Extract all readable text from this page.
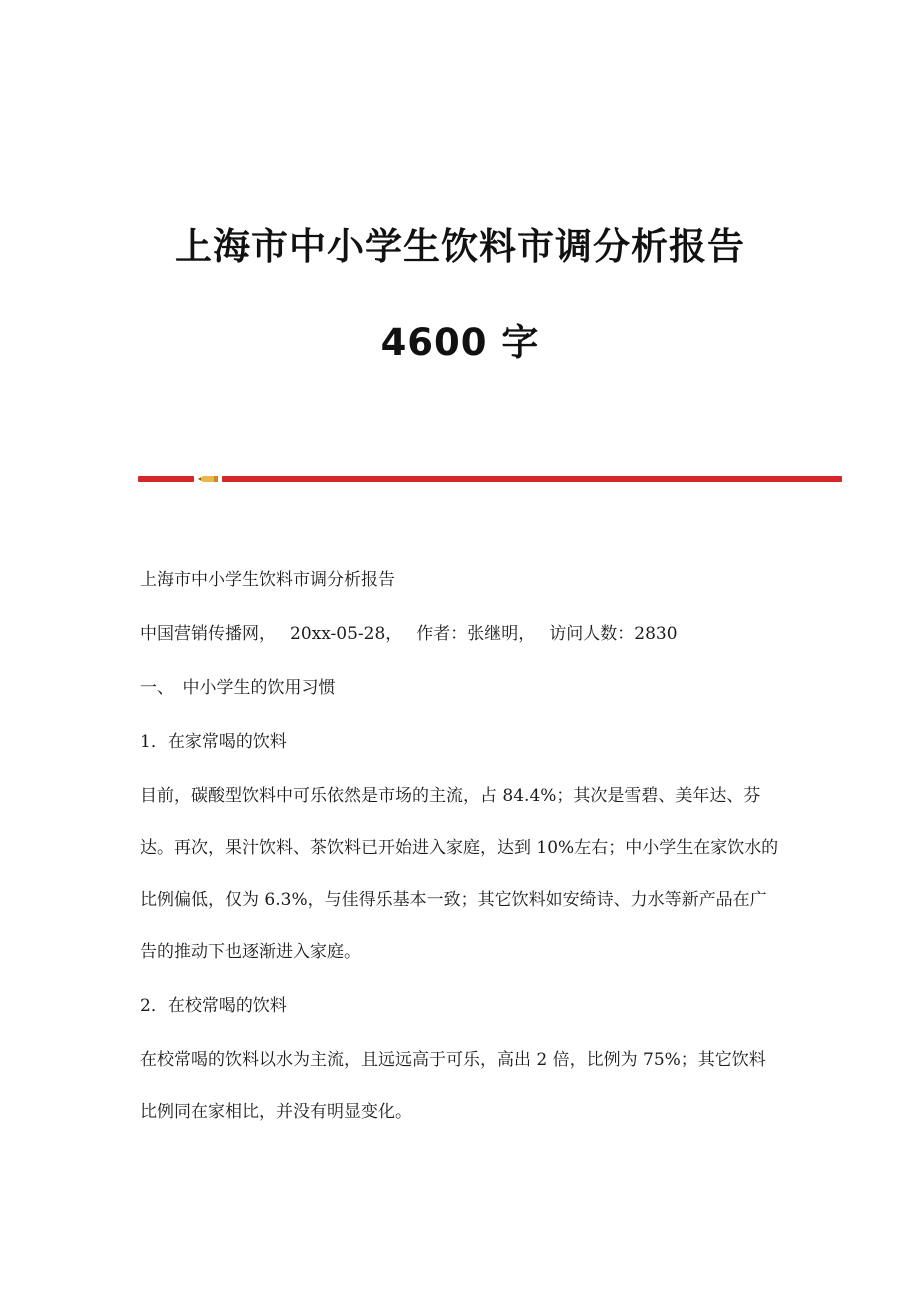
上海市中小学生饮料市调分析报告
4600 字

上海市中小学生饮料市调分析报告

中国营销传播网， 20xx-05-28， 作者：张继明， 访问人数：2830

一、　中小学生的饮用习惯

1．在家常喝的饮料

目前，碳酸型饮料中可乐依然是市场的主流，占 84.4%；其次是雪碧、美年达、芬达。再次，果汁饮料、茶饮料已开始进入家庭，达到 10%左右；中小学生在家饮水的比例偏低，仅为 6.3%，与佳得乐基本一致；其它饮料如安绮诗、力水等新产品在广告的推动下也逐渐进入家庭。

2．在校常喝的饮料

在校常喝的饮料以水为主流，且远远高于可乐，高出 2 倍，比例为 75%；其它饮料比例同在家相比，并没有明显变化。
